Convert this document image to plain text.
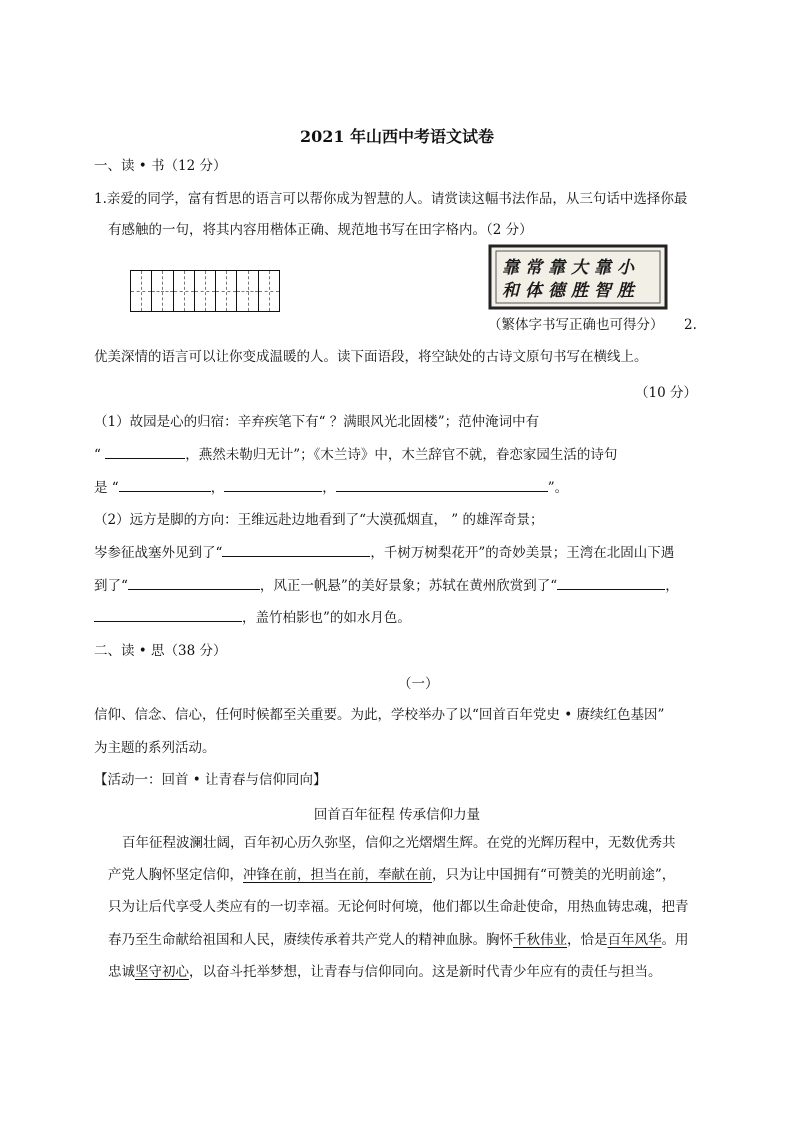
2021 年山西中考语文试卷
一、读 • 书（12 分）
1.亲爱的同学，富有哲思的语言可以帮你成为智慧的人。请赏读这幅书法作品，从三句话中选择你最
有感触的一句，将其内容用楷体正确、规范地书写在田字格内。（2 分）
靠常靠大靠小
和体德胜智胜
（繁体字书写正确也可得分） 2.
优美深情的语言可以让你变成温暖的人。读下面语段，将空缺处的古诗文原句书写在横线上。
（10 分）
（1）故园是心的归宿：辛弃疾笔下有“ ？满眼风光北固楼”；范仲淹词中有
“	，燕然未勒归无计”；《木兰诗》中，木兰辞官不就，眷恋家园生活的诗句
是 “	，	，	”。
（2）远方是脚的方向：王维远赴边地看到了“大漠孤烟直， ” 的雄浑奇景；
岑参征战塞外见到了“	，千树万树梨花开”的奇妙美景；王湾在北固山下遇
到了“	，风正一帆悬”的美好景象；苏轼在黄州欣赏到了“	，
，盖竹柏影也”的如水月色。
二、读 • 思（38 分）
（一）
信仰、信念、信心，任何时候都至关重要。为此，学校举办了以“回首百年党史 • 赓续红色基因”
为主题的系列活动。
【活动一：回首 • 让青春与信仰同向】
回首百年征程 传承信仰力量
百年征程波澜壮阔，百年初心历久弥坚，信仰之光熠熠生辉。在党的光辉历程中，无数优秀共
产党人胸怀坚定信仰，冲锋在前，担当在前，奉献在前，只为让中国拥有“可赞美的光明前途”，
只为让后代享受人类应有的一切幸福。无论何时何境，他们都以生命赴使命，用热血铸忠魂，把青
春乃至生命献给祖国和人民，赓续传承着共产党人的精神血脉。胸怀千秋伟业，恰是百年风华。用
忠诚坚守初心，以奋斗托举梦想，让青春与信仰同向。这是新时代青少年应有的责任与担当。
